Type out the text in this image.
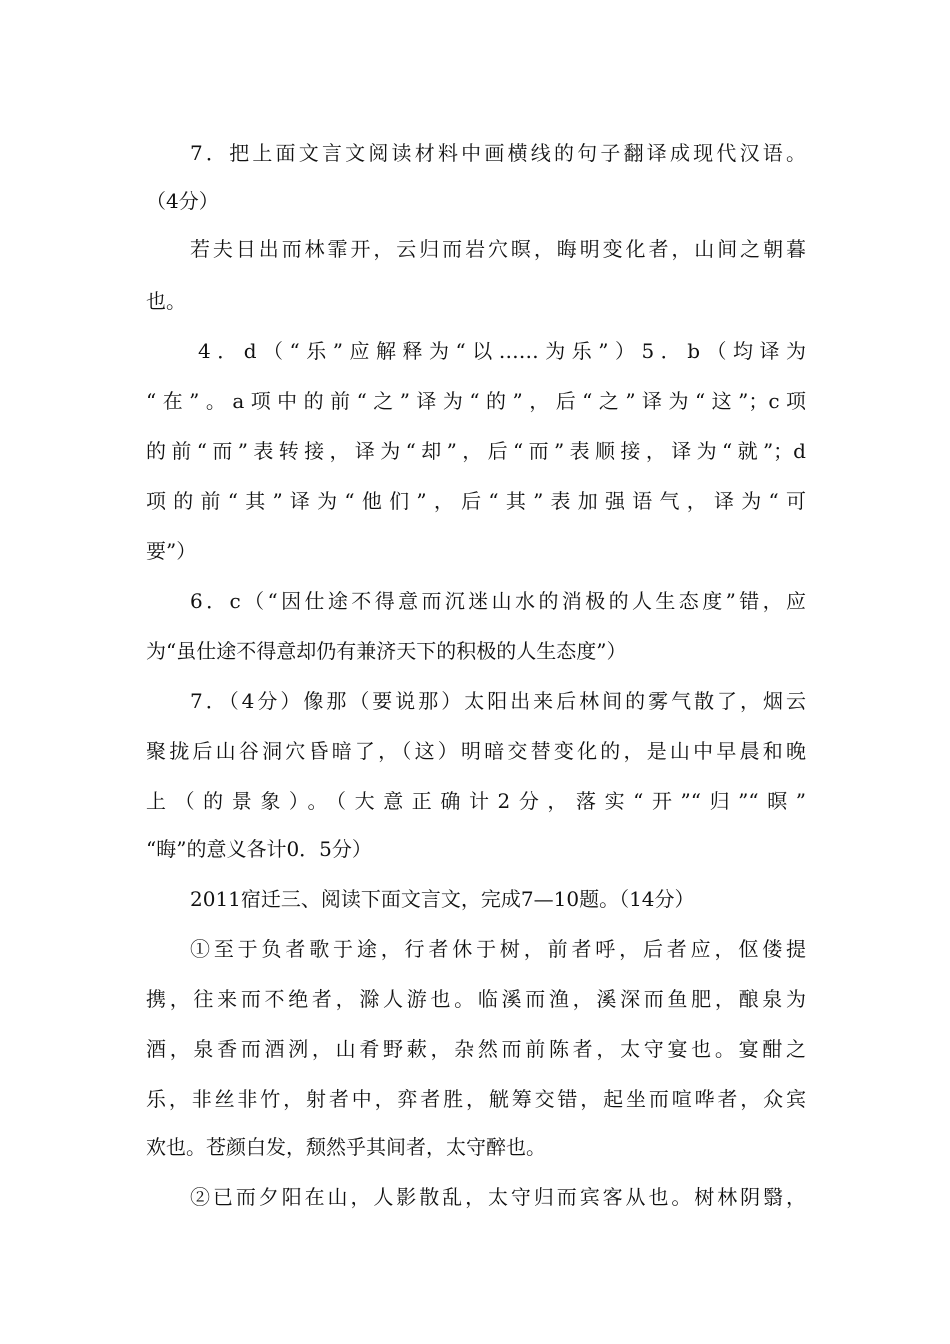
7．把上面文言文阅读材料中画横线的句子翻译成现代汉语。
（4分）
若夫日出而林霏开，云归而岩穴暝，晦明变化者，山间之朝暮
也。
4．d（“乐”应解释为“以……为乐”）5．b（均译为
“在”。a项中的前“之”译为“的”，后“之”译为“这”；c项
的前“而”表转接，译为“却”，后“而”表顺接，译为“就”；d
项的前“其”译为“他们”，后“其”表加强语气，译为“可
要”）
6．c（“因仕途不得意而沉迷山水的消极的人生态度”错，应
为“虽仕途不得意却仍有兼济天下的积极的人生态度”）
7．（4分）像那（要说那）太阳出来后林间的雾气散了，烟云
聚拢后山谷洞穴昏暗了，（这）明暗交替变化的，是山中早晨和晚
上（的景象）。（大意正确计2分，落实“开”“归”“暝”
“晦”的意义各计0．5分）
2011宿迁三、阅读下面文言文，完成7—10题。（14分）
①至于负者歌于途，行者休于树，前者呼，后者应，伛偻提
携，往来而不绝者，滁人游也。临溪而渔，溪深而鱼肥，酿泉为
酒，泉香而酒洌，山肴野蔌，杂然而前陈者，太守宴也。宴酣之
乐，非丝非竹，射者中，弈者胜，觥筹交错，起坐而喧哗者，众宾
欢也。苍颜白发，颓然乎其间者，太守醉也。
②已而夕阳在山，人影散乱，太守归而宾客从也。树林阴翳，
